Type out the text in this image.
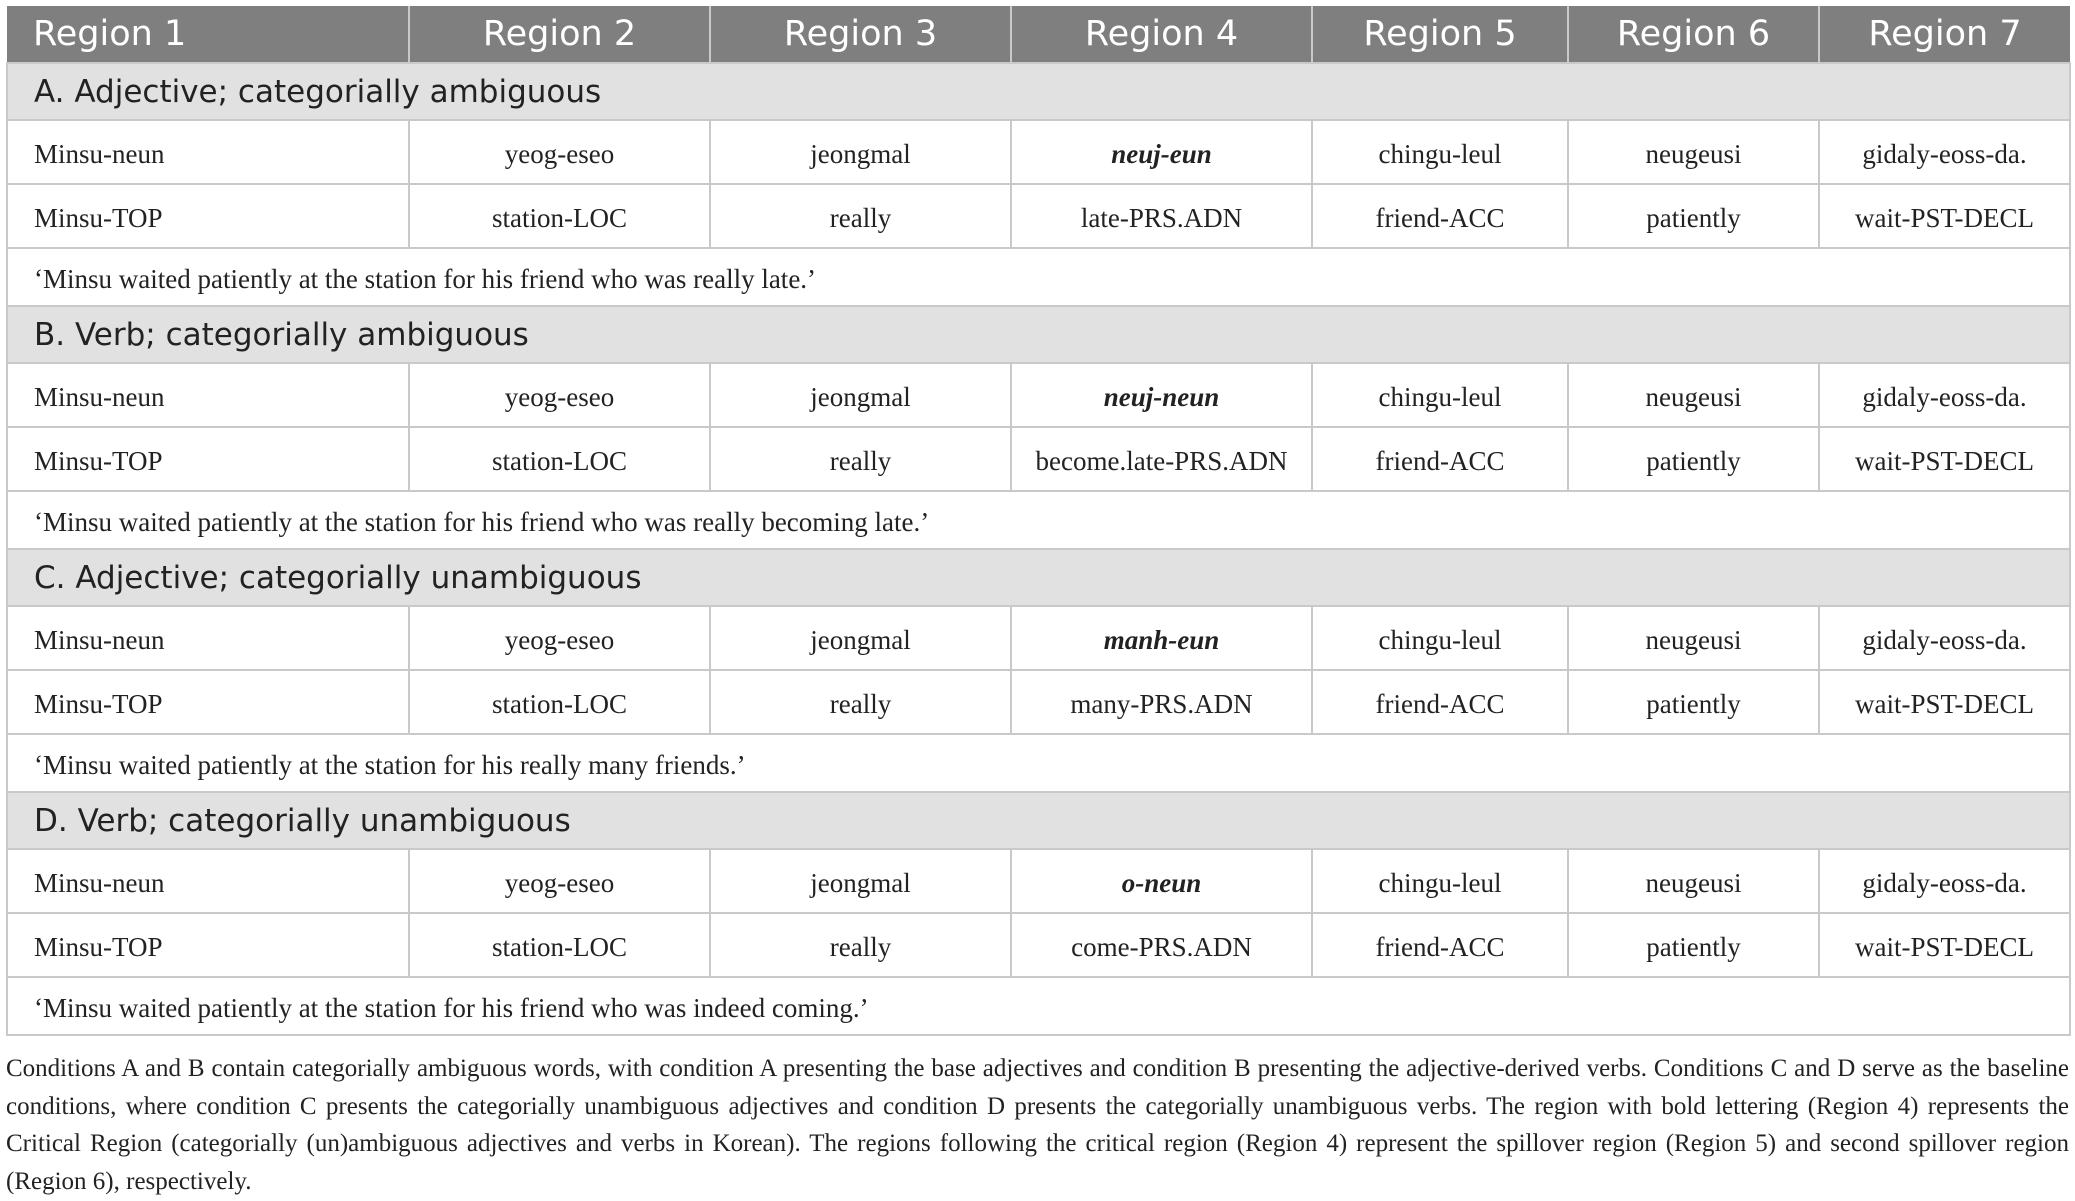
Region 1	Region 2	Region 3	Region 4	Region 5	Region 6	Region 7
A. Adjective; categorially ambiguous						
Minsu-neun	yeog-eseo	jeongmal	neuj-eun	chingu-leul	neugeusi	gidaly-eoss-da.
Minsu-TOP	station-LOC	really	late-PRS.ADN	friend-ACC	patiently	wait-PST-DECL
‘Minsu waited patiently at the station for his friend who was really late.’						
B. Verb; categorially ambiguous						
Minsu-neun	yeog-eseo	jeongmal	neuj-neun	chingu-leul	neugeusi	gidaly-eoss-da.
Minsu-TOP	station-LOC	really	become.late-PRS.ADN	friend-ACC	patiently	wait-PST-DECL
‘Minsu waited patiently at the station for his friend who was really becoming late.’						
C. Adjective; categorially unambiguous						
Minsu-neun	yeog-eseo	jeongmal	manh-eun	chingu-leul	neugeusi	gidaly-eoss-da.
Minsu-TOP	station-LOC	really	many-PRS.ADN	friend-ACC	patiently	wait-PST-DECL
‘Minsu waited patiently at the station for his really many friends.’						
D. Verb; categorially unambiguous						
Minsu-neun	yeog-eseo	jeongmal	o-neun	chingu-leul	neugeusi	gidaly-eoss-da.
Minsu-TOP	station-LOC	really	come-PRS.ADN	friend-ACC	patiently	wait-PST-DECL
‘Minsu waited patiently at the station for his friend who was indeed coming.’						
Conditions A and B contain categorially ambiguous words, with condition A presenting the base adjectives and condition B presenting the adjective-derived verbs. Conditions C and D serve as the baseline conditions, where condition C presents the categorially unambiguous adjectives and condition D presents the categorially unambiguous verbs. The region with bold lettering (Region 4) represents the Critical Region (categorially (un)ambiguous adjectives and verbs in Korean). The regions following the critical region (Region 4) represent the spillover region (Region 5) and second spillover region (Region 6), respectively.
